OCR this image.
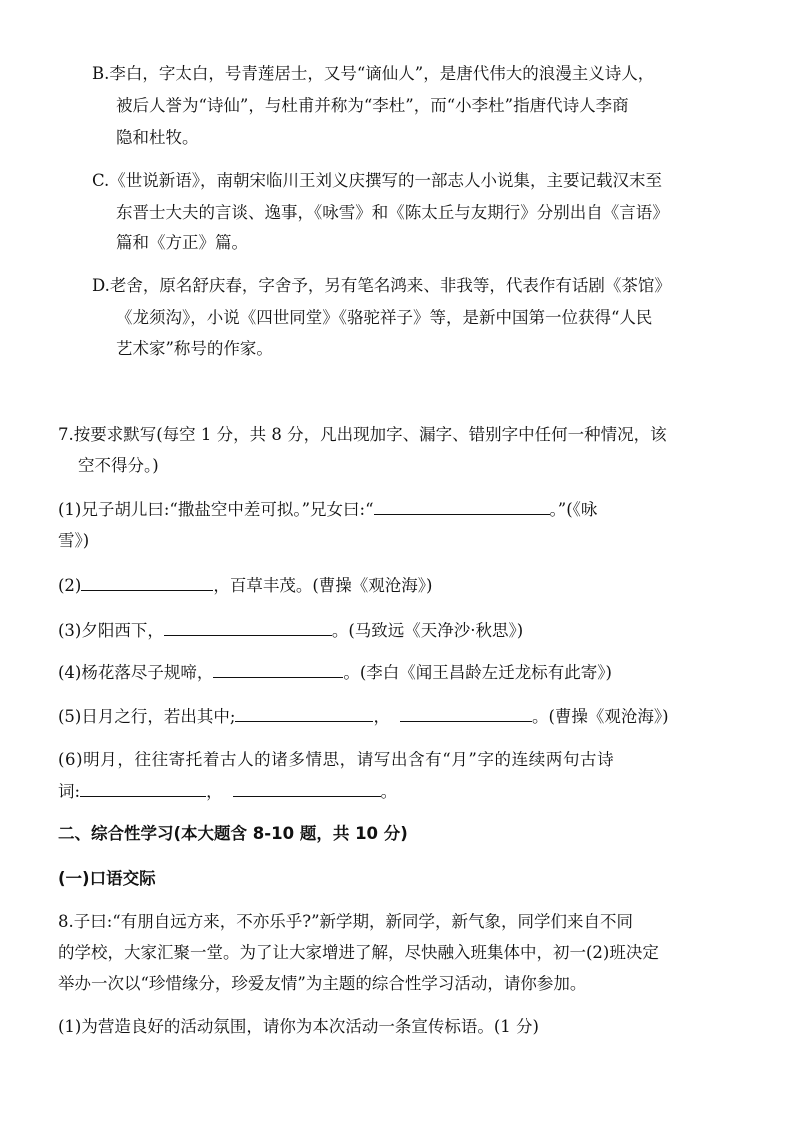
B.李白，字太白，号青莲居士，又号“谪仙人”，是唐代伟大的浪漫主义诗人，
被后人誉为“诗仙”，与杜甫并称为“李杜”，而“小李杜”指唐代诗人李商
隐和杜牧。
C.《世说新语》，南朝宋临川王刘义庆撰写的一部志人小说集，主要记载汉末至
东晋士大夫的言谈、逸事，《咏雪》和《陈太丘与友期行》分别出自《言语》
篇和《方正》篇。
D.老舍，原名舒庆春，字舍予，另有笔名鸿来、非我等，代表作有话剧《茶馆》
《龙须沟》，小说《四世同堂》《骆驼祥子》等，是新中国第一位获得“人民
艺术家”称号的作家。
7.按要求默写(每空 1 分，共 8 分，凡出现加字、漏字、错别字中任何一种情况，该
空不得分。)
(1)兄子胡儿曰:“撒盐空中差可拟。”兄女曰:“	。”(《咏
雪》)
(2)	，百草丰茂。(曹操《观沧海》)
(3)夕阳西下，	。(马致远《天净沙·秋思》)
(4)杨花落尽子规啼，	。(李白《闻王昌龄左迁龙标有此寄》)
(5)日月之行，若出其中;	，	。(曹操《观沧海》)
(6)明月，往往寄托着古人的诸多情思，请写出含有“月”字的连续两句古诗
词:	，	。
二、综合性学习(本大题含 8-10 题，共 10 分)
(一)口语交际
8.子曰:“有朋自远方来，不亦乐乎?”新学期，新同学，新气象，同学们来自不同
的学校，大家汇聚一堂。为了让大家增进了解，尽快融入班集体中，初一(2)班决定
举办一次以“珍惜缘分，珍爱友情”为主题的综合性学习活动，请你参加。
(1)为营造良好的活动氛围，请你为本次活动一条宣传标语。(1 分)
